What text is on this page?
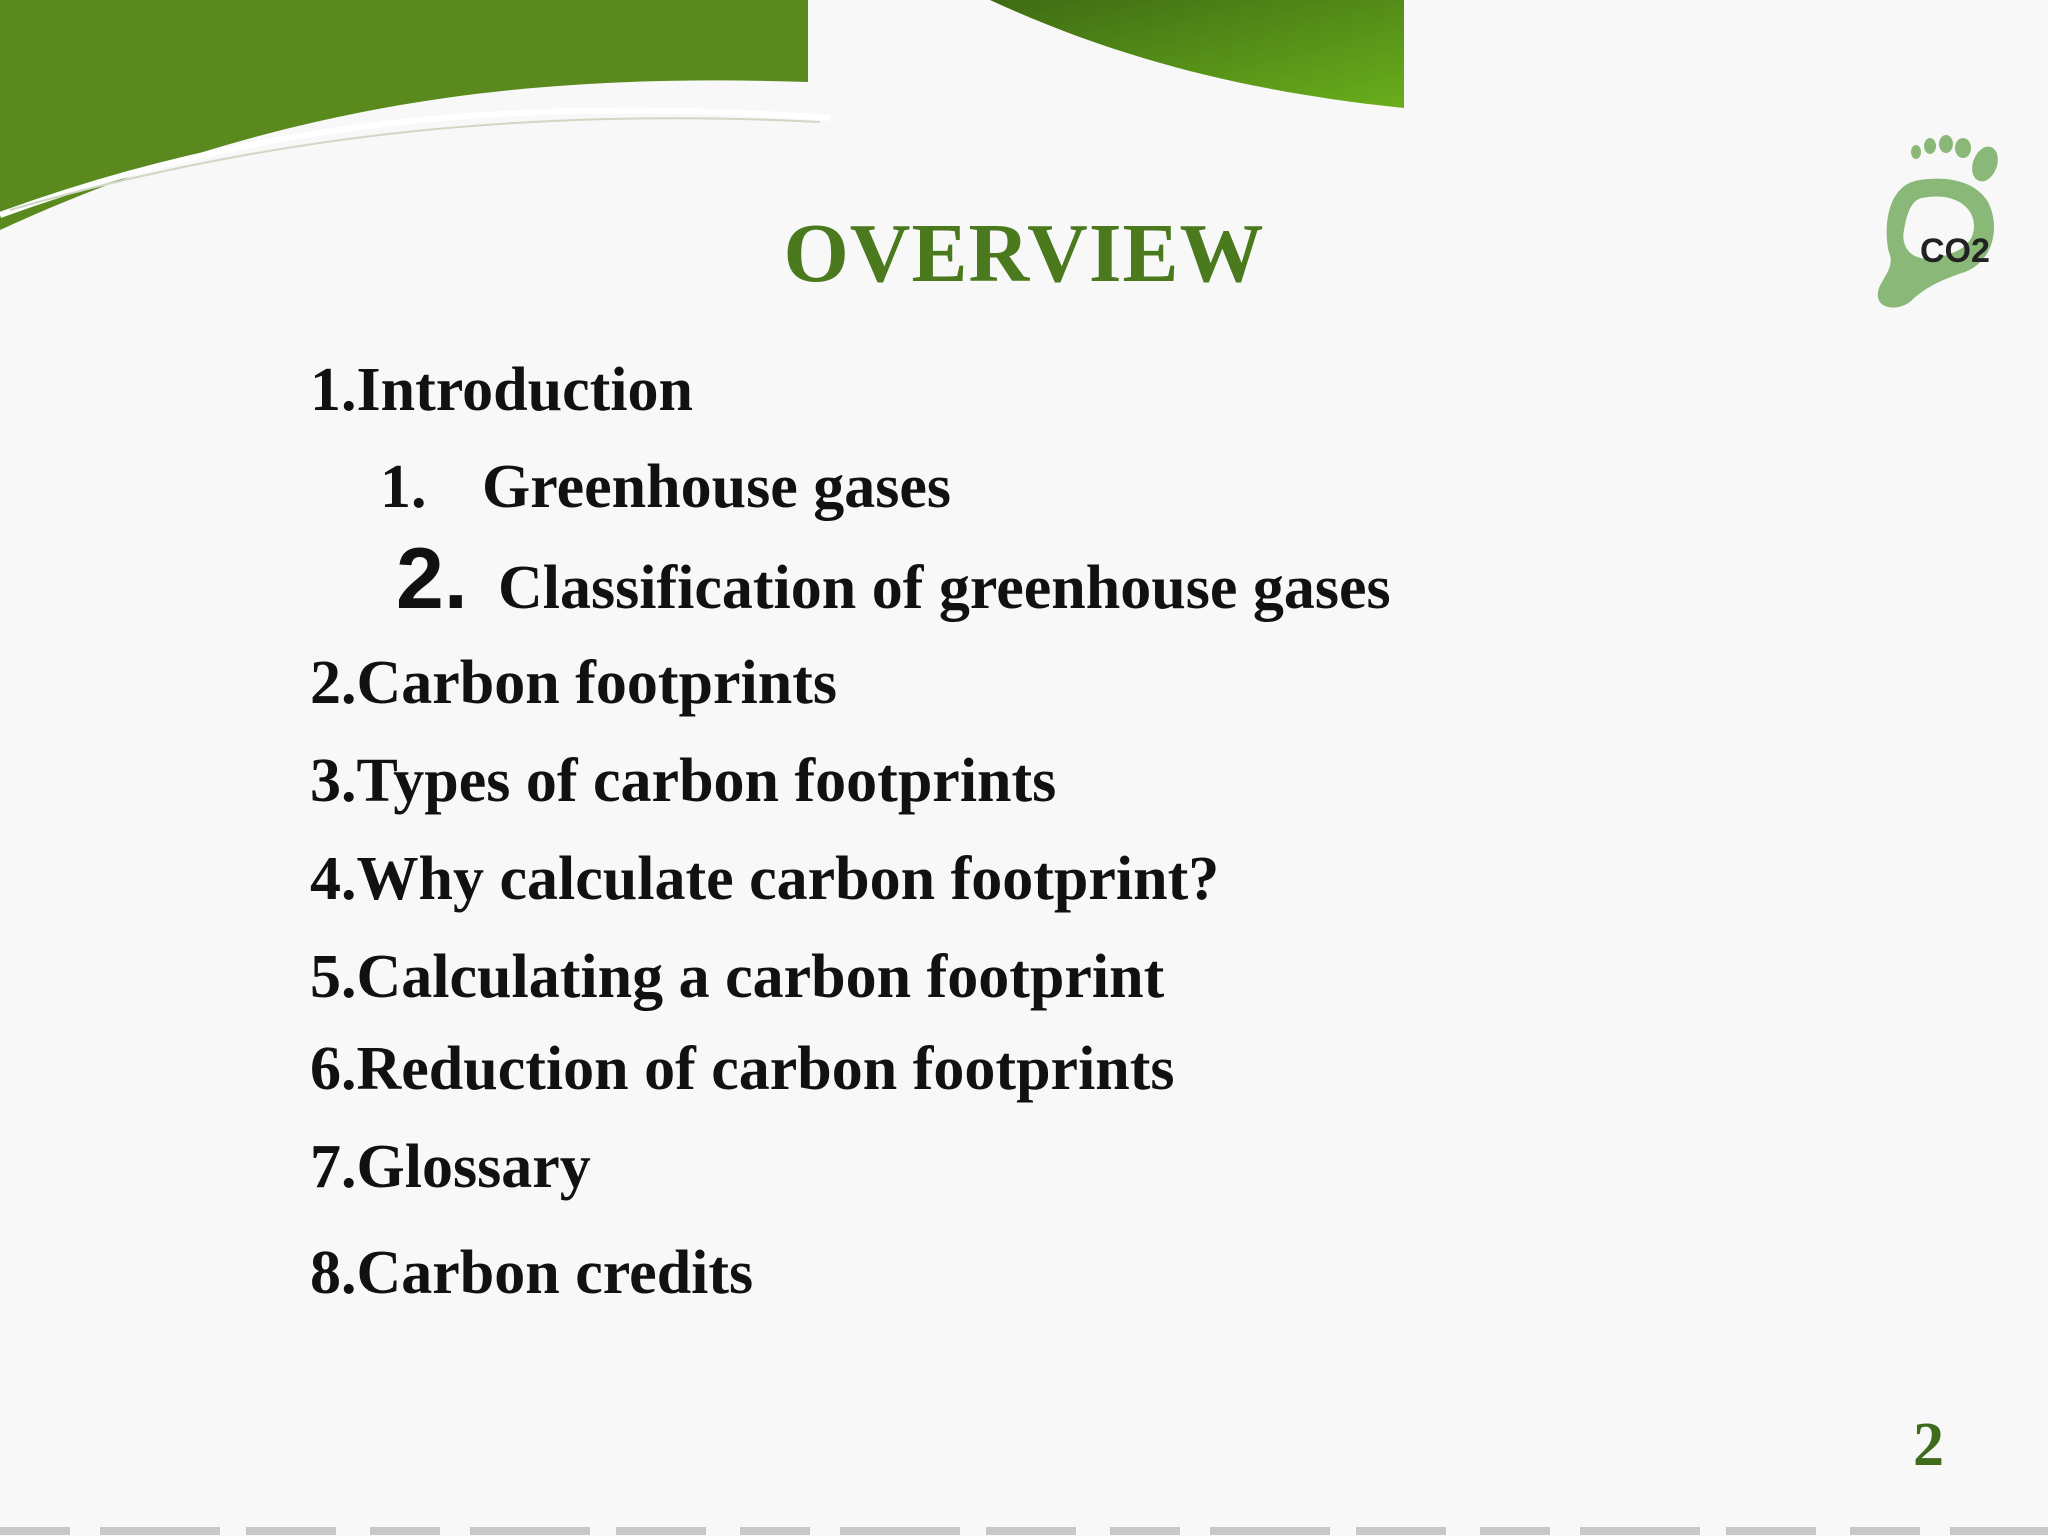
CO2
OVERVIEW
1.Introduction
1. Greenhouse gases
2. Classification of greenhouse gases
2.Carbon footprints
3.Types of carbon footprints
4.Why calculate carbon footprint?
5.Calculating a carbon footprint
6.Reduction of carbon footprints
7.Glossary
8.Carbon credits
2
